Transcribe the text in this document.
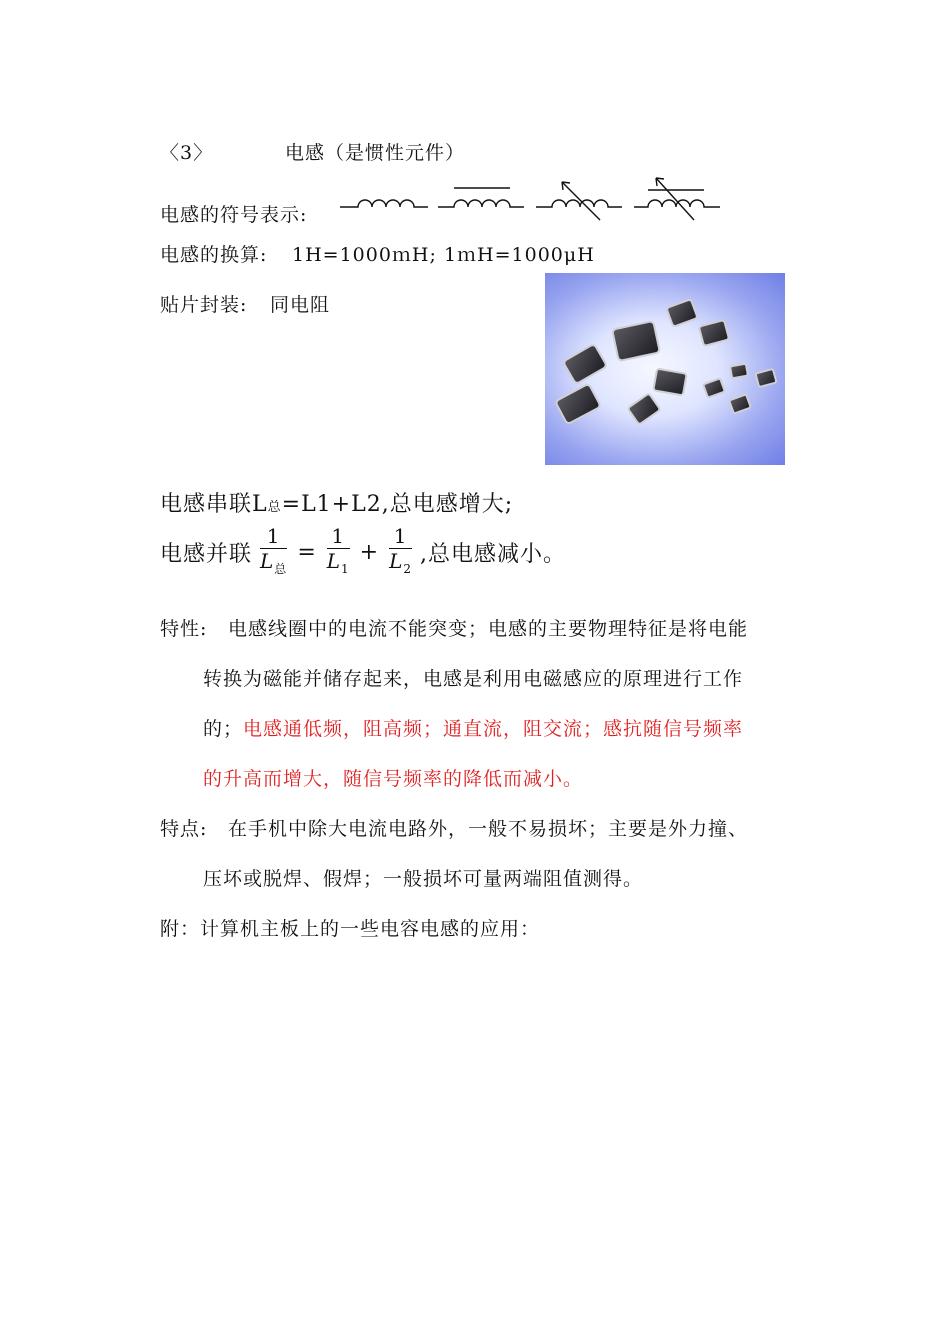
〈3〉	电感（是惯性元件）
电感的符号表示:
电感的换算: 1H=1000ｍH; 1ｍH=1000μH
贴片封装: 同电阻
电感串联L总=L1+L2,总电感增大;
电感并联 $\frac{1}{L_总} = \frac{1}{L_1} + \frac{1}{L_2}$ ,总电感减小。
特性: 电感线圈中的电流不能突变；电感的主要物理特征是将电能
转换为磁能并储存起来，电感是利用电磁感应的原理进行工作
的；电感通低频，阻高频；通直流，阻交流；感抗随信号频率
的升高而增大，随信号频率的降低而减小。
特点: 在手机中除大电流电路外，一般不易损坏；主要是外力撞、
压坏或脱焊、假焊；一般损坏可量两端阻值测得。
附：计算机主板上的一些电容电感的应用：
